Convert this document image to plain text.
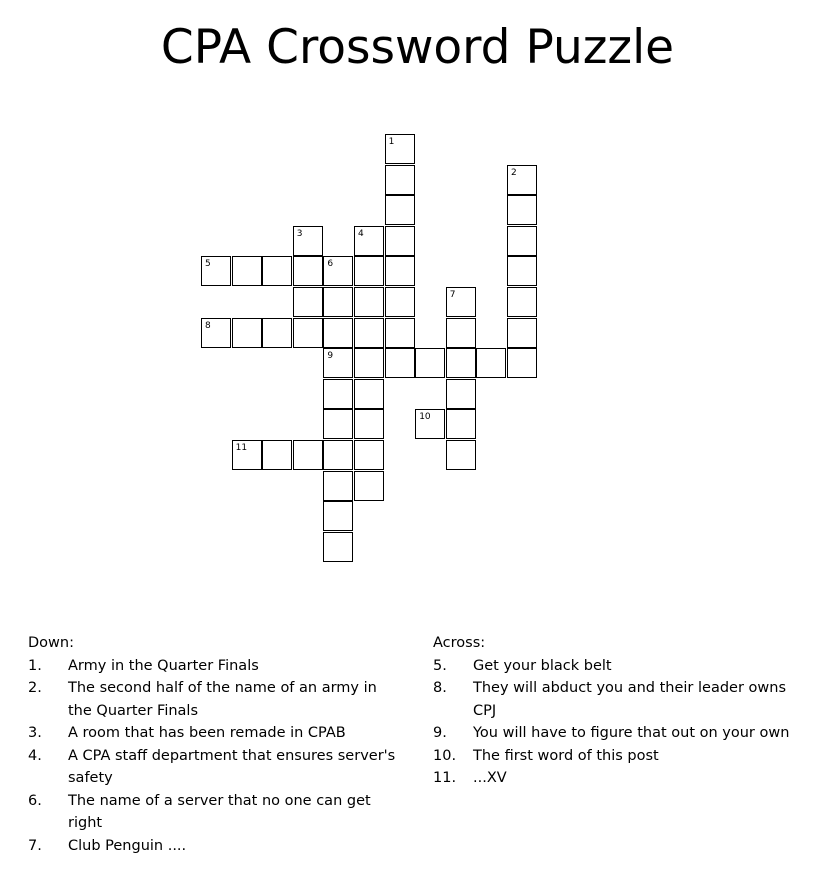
CPA Crossword Puzzle
1
2
3	4
5	6
7
8
9
10
11
Down:
1.	Army in the Quarter Finals
2.	The second half of the name of an army in the Quarter Finals
3.	A room that has been remade in CPAB
4.	A CPA staff department that ensures server's safety
6.	The name of a server that no one can get right
7.	Club Penguin ....
Across:
5.	Get your black belt
8.	They will abduct you and their leader owns CPJ
9.	You will have to figure that out on your own
10.	The first word of this post
11.	...XV
